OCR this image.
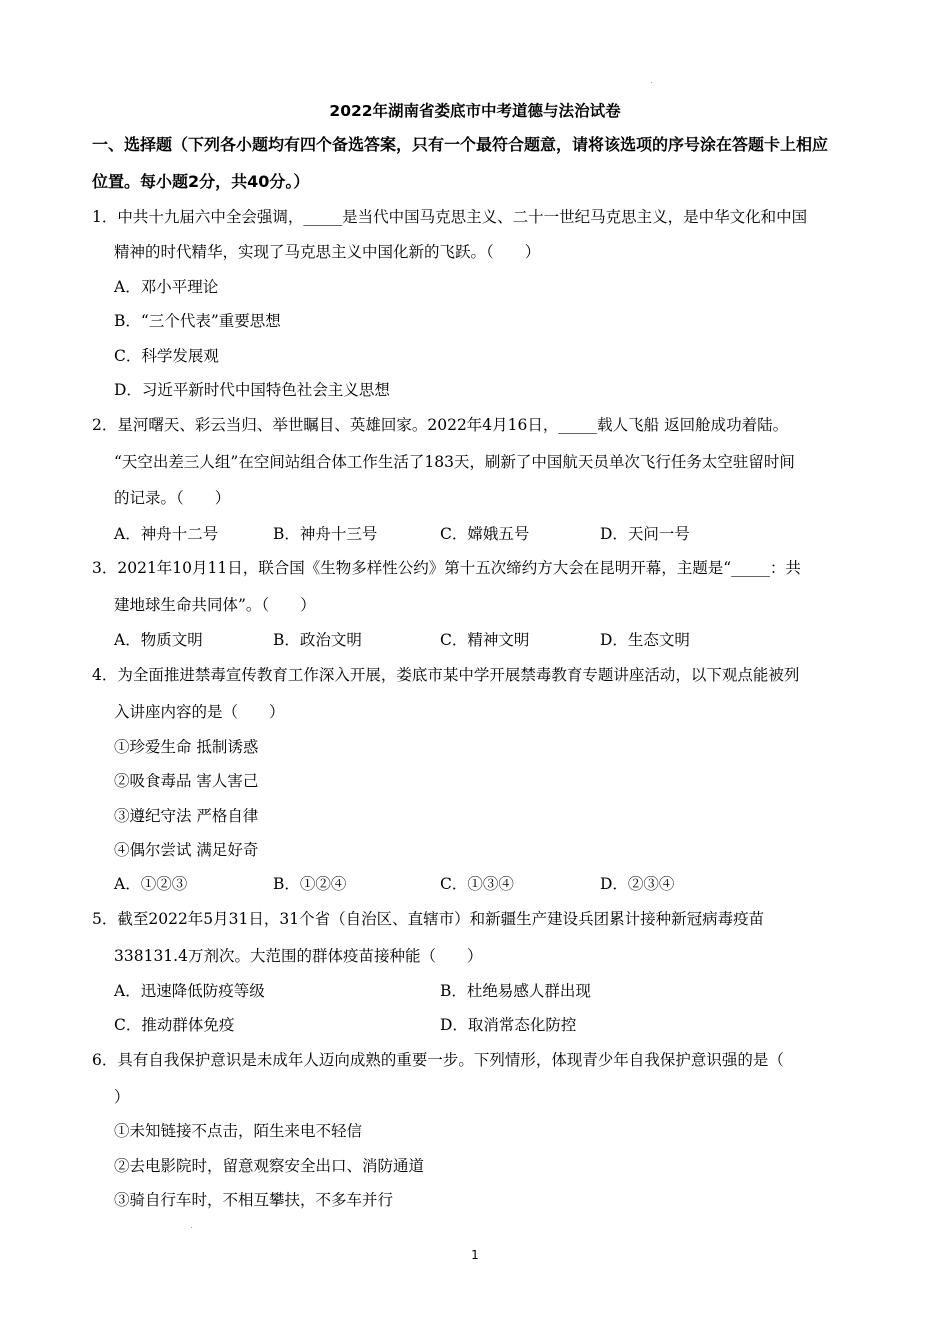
2022年湖南省娄底市中考道德与法治试卷
一、选择题（下列各小题均有四个备选答案，只有一个最符合题意，请将该选项的序号涂在答题卡上相应
位置。每小题2分，共40分。）
1．中共十九届六中全会强调，_____是当代中国马克思主义、二十一世纪马克思主义，是中华文化和中国
精神的时代精华，实现了马克思主义中国化新的飞跃。（　　）
A．邓小平理论
B．“三个代表”重要思想
C．科学发展观
D．习近平新时代中国特色社会主义思想
2．星河曙天、彩云当归、举世瞩目、英雄回家。2022年4月16日，_____载人飞船 返回舱成功着陆。
“天空出差三人组”在空间站组合体工作生活了183天，刷新了中国航天员单次飞行任务太空驻留时间
的记录。（　　）
A．神舟十二号	B．神舟十三号	C．嫦娥五号	D．天问一号
3．2021年10月11日，联合国《生物多样性公约》第十五次缔约方大会在昆明开幕，主题是“_____：共
建地球生命共同体”。（　　）
A．物质文明	B．政治文明	C．精神文明	D．生态文明
4．为全面推进禁毒宣传教育工作深入开展，娄底市某中学开展禁毒教育专题讲座活动，以下观点能被列
入讲座内容的是（　　）
①珍爱生命 抵制诱惑
②吸食毒品 害人害己
③遵纪守法 严格自律
④偶尔尝试 满足好奇
A．①②③	B．①②④	C．①③④	D．②③④
5．截至2022年5月31日，31个省（自治区、直辖市）和新疆生产建设兵团累计接种新冠病毒疫苗
338131.4万剂次。大范围的群体疫苗接种能（　　）
A．迅速降低防疫等级	B．杜绝易感人群出现
C．推动群体免疫	D．取消常态化防控
6．具有自我保护意识是未成年人迈向成熟的重要一步。下列情形，体现青少年自我保护意识强的是（
）
①未知链接不点击，陌生来电不轻信
②去电影院时，留意观察安全出口、消防通道
③骑自行车时，不相互攀扶，不多车并行
1
